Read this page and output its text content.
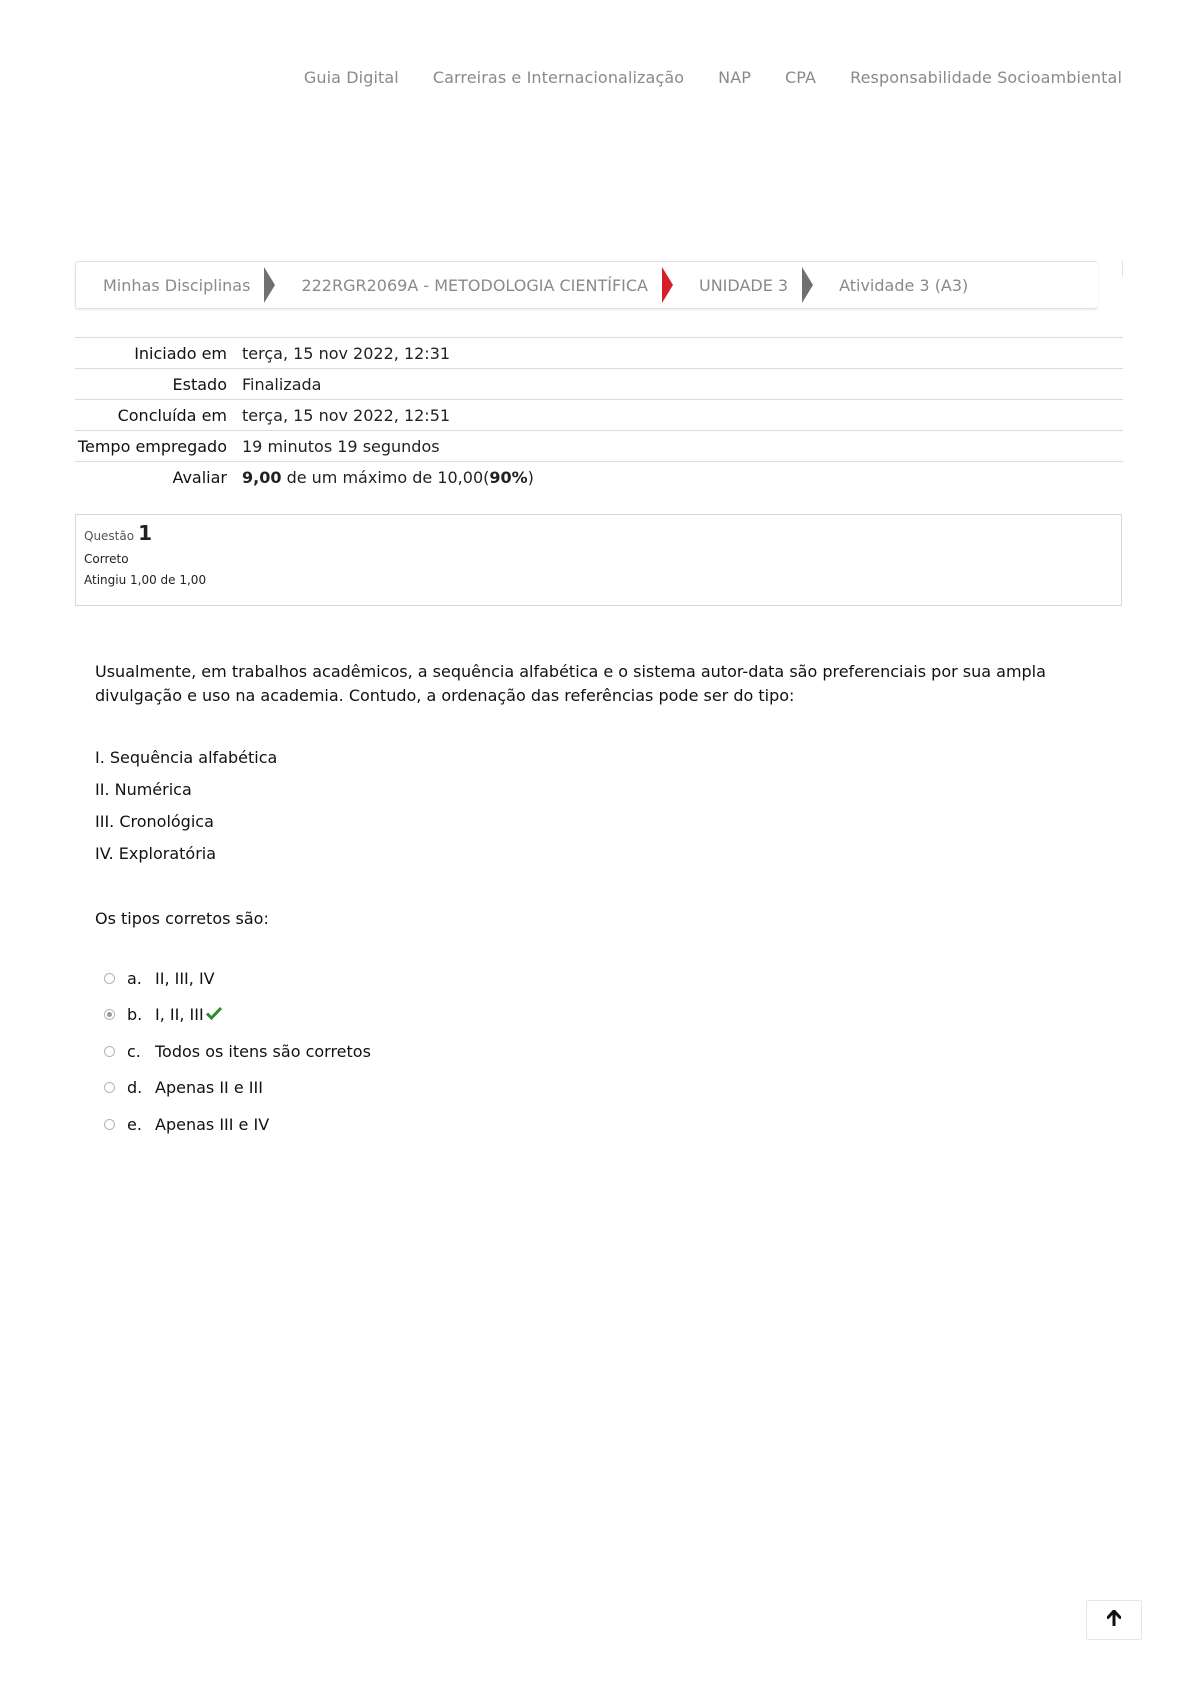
Guia Digital Carreiras e Internacionalização NAP CPA Responsabilidade Socioambiental
Minhas Disciplinas	222RGR2069A - METODOLOGIA CIENTÍFICA	UNIDADE 3	Atividade 3 (A3)
Iniciado em	terça, 15 nov 2022, 12:31
Estado	Finalizada
Concluída em	terça, 15 nov 2022, 12:51
Tempo empregado	19 minutos 19 segundos
Avaliar	9,00 de um máximo de 10,00(90%)
Questão 1
Correto
Atingiu 1,00 de 1,00

Usualmente, em trabalhos acadêmicos, a sequência alfabética e o sistema autor-data são preferenciais por sua ampla divulgação e uso na academia. Contudo, a ordenação das referências pode ser do tipo:

I. Sequência alfabética
II. Numérica
III. Cronológica
IV. Exploratória
Os tipos corretos são:
a. II, III, IV
b. I, II, III
c. Todos os itens são corretos
d. Apenas II e III
e. Apenas III e IV
